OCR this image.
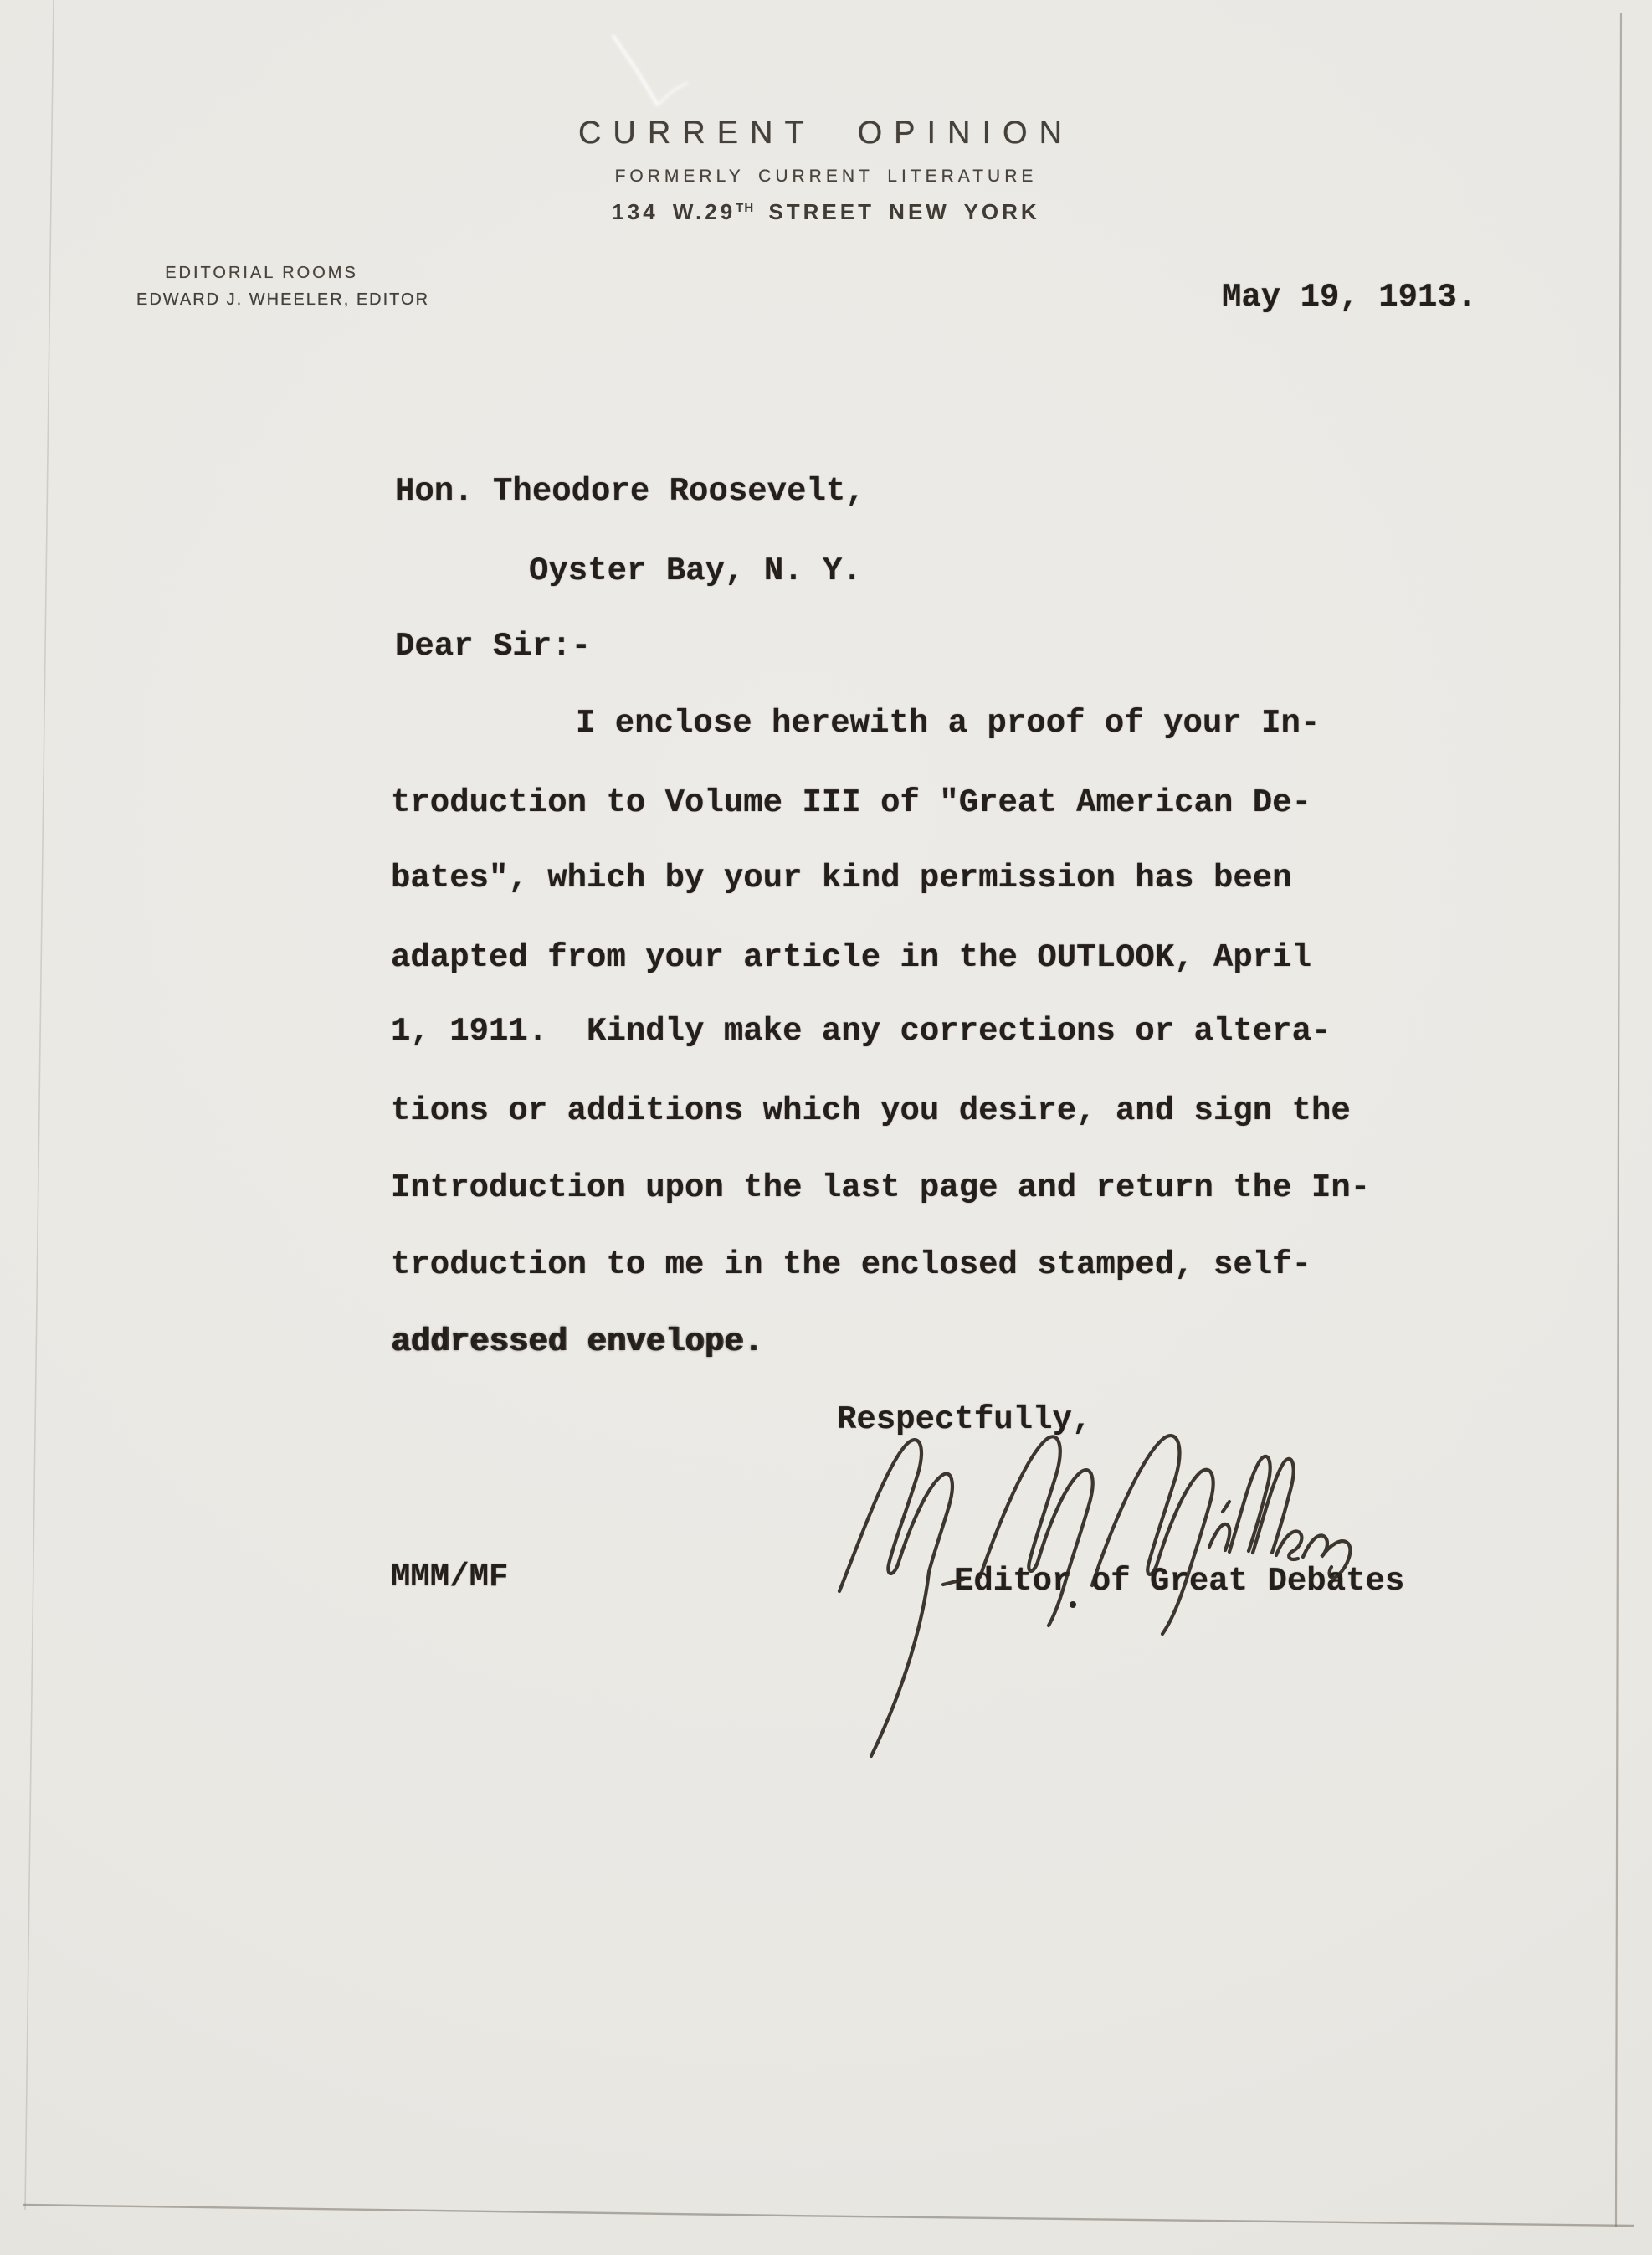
CURRENT OPINION
FORMERLY CURRENT LITERATURE
134 W.29TH STREET NEW YORK
EDITORIAL ROOMS
EDWARD J. WHEELER, EDITOR	May 19, 1913.
Hon. Theodore Roosevelt,
Oyster Bay, N. Y.
Dear Sir:-
I enclose herewith a proof of your In-
troduction to Volume III of "Great American De-
bates", which by your kind permission has been
adapted from your article in the OUTLOOK, April
1, 1911.  Kindly make any corrections or altera-
tions or additions which you desire, and sign the
Introduction upon the last page and return the In-
troduction to me in the enclosed stamped, self-
addressed envelope.
Respectfully,
MMM/MF	Editor of Great Debates
